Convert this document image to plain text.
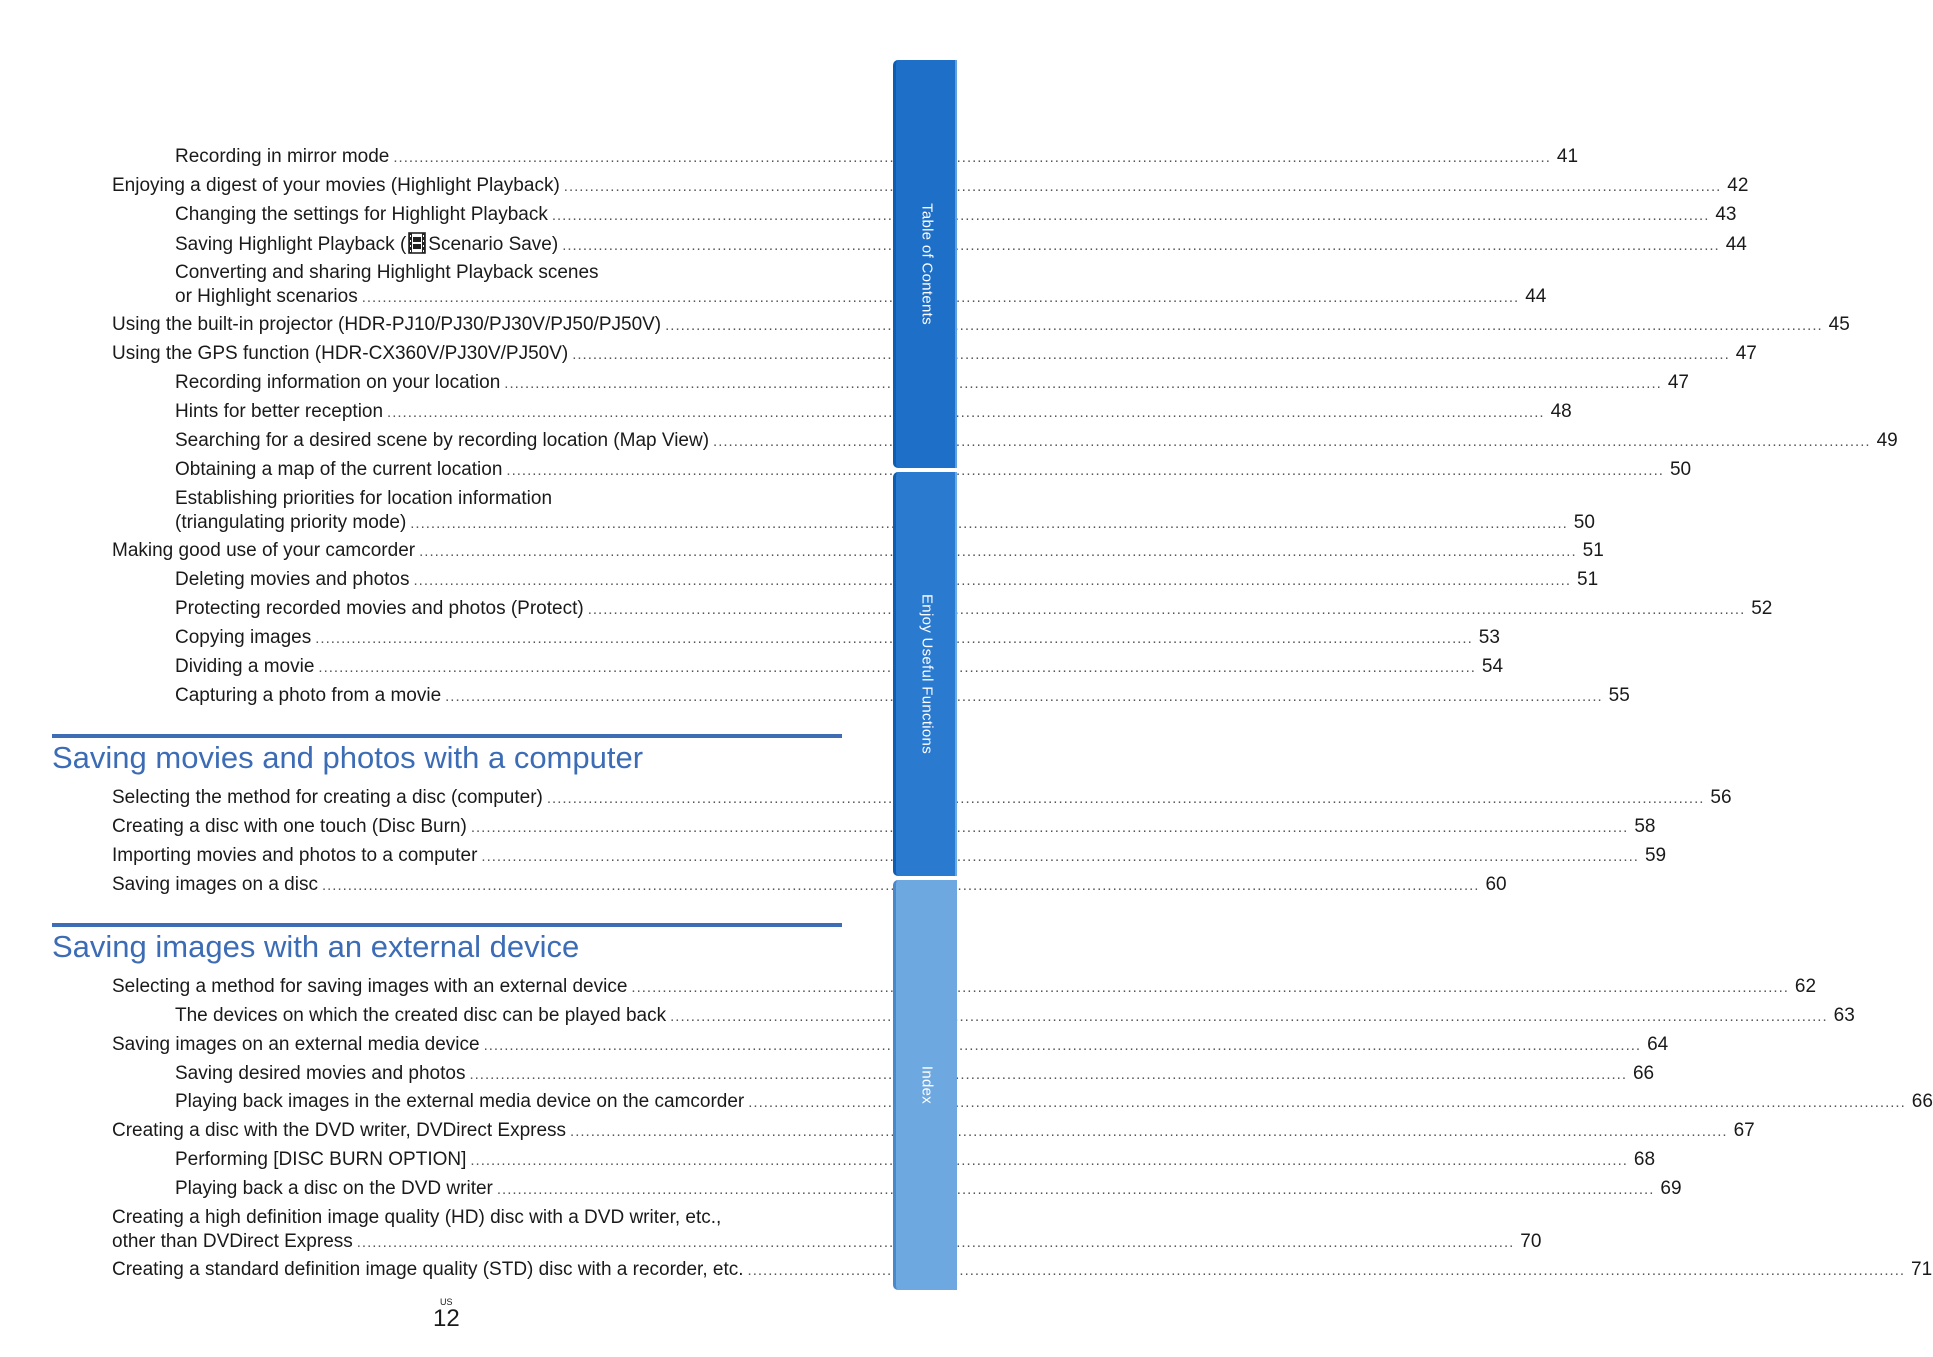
Recording in mirror mode .....	41
Enjoying a digest of your movies (Highlight Playback) .....	42
Changing the settings for Highlight Playback .....	43
Saving Highlight Playback ( Scenario Save) .....	44
Converting and sharing Highlight Playback scenes
or Highlight scenarios .....	44
Using the built-in projector (HDR-PJ10/PJ30/PJ30V/PJ50/PJ50V) .....	45
Using the GPS function (HDR-CX360V/PJ30V/PJ50V) .....	47
Recording information on your location .....	47
Hints for better reception .....	48
Searching for a desired scene by recording location (Map View) .....	49
Obtaining a map of the current location .....	50
Establishing priorities for location information
(triangulating priority mode) .....	50
Making good use of your camcorder .....	51
Deleting movies and photos .....	51
Protecting recorded movies and photos (Protect) .....	52
Copying images .....	53
Dividing a movie .....	54
Capturing a photo from a movie .....	55
Saving movies and photos with a computer
Selecting the method for creating a disc (computer) .....	56
Creating a disc with one touch (Disc Burn) .....	58
Importing movies and photos to a computer .....	59
Saving images on a disc .....	60
Saving images with an external device
Selecting a method for saving images with an external device .....	62
The devices on which the created disc can be played back .....	63
Saving images on an external media device .....	64
Saving desired movies and photos .....	66
Playing back images in the external media device on the camcorder .....	66
Creating a disc with the DVD writer, DVDirect Express .....	67
Performing [DISC BURN OPTION] .....	68
Playing back a disc on the DVD writer .....	69
Creating a high definition image quality (HD) disc with a DVD writer, etc.,
other than DVDirect Express .....	70
Creating a standard definition image quality (STD) disc with a recorder, etc. .....	71
Table of Contents
Enjoy Useful Functions
Index
US
12
